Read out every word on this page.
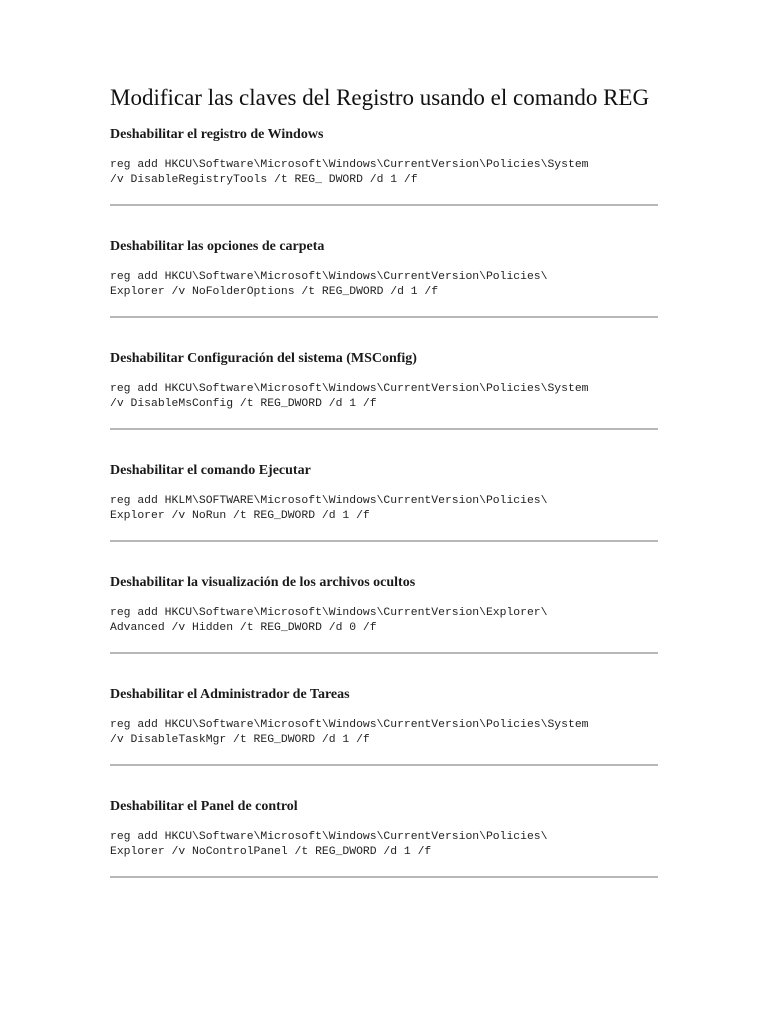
Modificar las claves del Registro usando el comando REG
Deshabilitar el registro de Windows
reg add HKCU\Software\Microsoft\Windows\CurrentVersion\Policies\System
/v DisableRegistryTools /t REG_ DWORD /d 1 /f
Deshabilitar las opciones de carpeta
reg add HKCU\Software\Microsoft\Windows\CurrentVersion\Policies\
Explorer /v NoFolderOptions /t REG_DWORD /d 1 /f
Deshabilitar Configuración del sistema (MSConfig)
reg add HKCU\Software\Microsoft\Windows\CurrentVersion\Policies\System
/v DisableMsConfig /t REG_DWORD /d 1 /f
Deshabilitar el comando Ejecutar
reg add HKLM\SOFTWARE\Microsoft\Windows\CurrentVersion\Policies\
Explorer /v NoRun /t REG_DWORD /d 1 /f
Deshabilitar la visualización de los archivos ocultos
reg add HKCU\Software\Microsoft\Windows\CurrentVersion\Explorer\
Advanced /v Hidden /t REG_DWORD /d 0 /f
Deshabilitar el Administrador de Tareas
reg add HKCU\Software\Microsoft\Windows\CurrentVersion\Policies\System
/v DisableTaskMgr /t REG_DWORD /d 1 /f
Deshabilitar el Panel de control
reg add HKCU\Software\Microsoft\Windows\CurrentVersion\Policies\
Explorer /v NoControlPanel /t REG_DWORD /d 1 /f
